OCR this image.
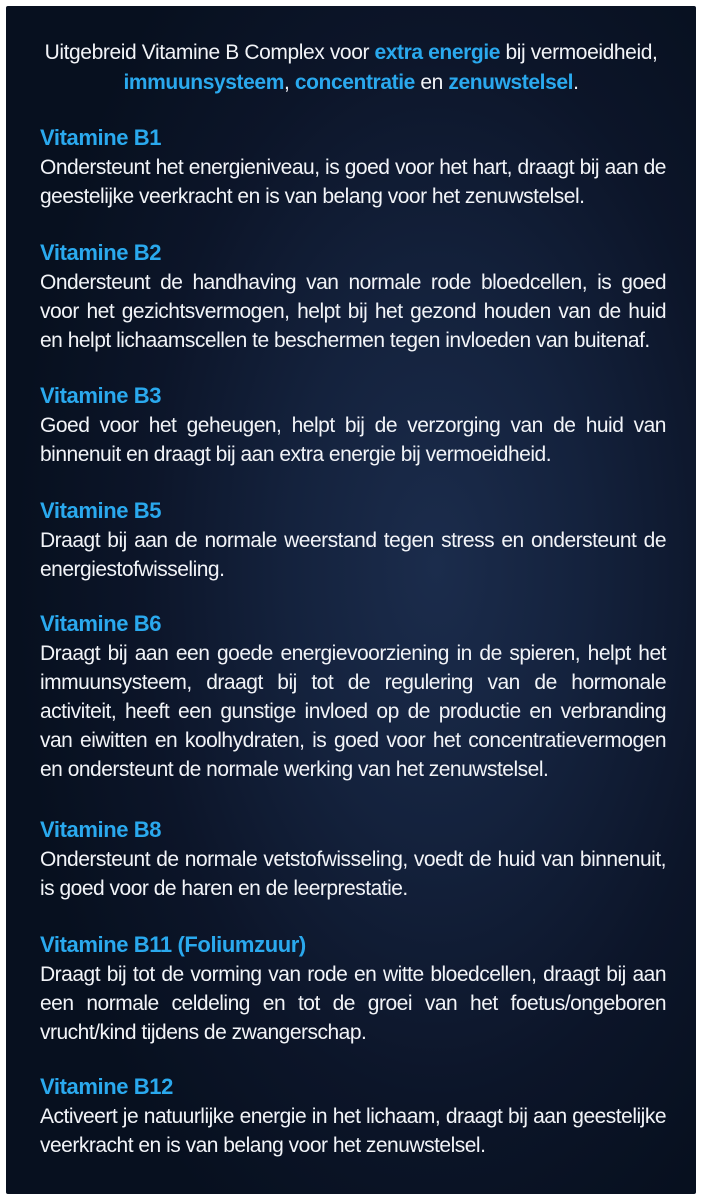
Uitgebreid Vitamine B Complex voor extra energie bij vermoeidheid,
immuunsysteem, concentratie en zenuwstelsel.
Vitamine B1
Ondersteunt het energieniveau, is goed voor het hart, draagt bij aan de geestelijke veerkracht en is van belang voor het zenuwstelsel.
Vitamine B2
Ondersteunt de handhaving van normale rode bloedcellen, is goed voor het gezichtsvermogen, helpt bij het gezond houden van de huid en helpt lichaamscellen te beschermen tegen invloeden van buitenaf.
Vitamine B3
Goed voor het geheugen, helpt bij de verzorging van de huid van binnenuit en draagt bij aan extra energie bij vermoeidheid.
Vitamine B5
Draagt bij aan de normale weerstand tegen stress en ondersteunt de energiestofwisseling.
Vitamine B6
Draagt bij aan een goede energievoorziening in de spieren, helpt het immuunsysteem, draagt bij tot de regulering van de hormonale activiteit, heeft een gunstige invloed op de productie en verbranding van eiwitten en koolhydraten, is goed voor het concentratievermogen en ondersteunt de normale werking van het zenuwstelsel.
Vitamine B8
Ondersteunt de normale vetstofwisseling, voedt de huid van binnenuit, is goed voor de haren en de leerprestatie.
Vitamine B11 (Foliumzuur)
Draagt bij tot de vorming van rode en witte bloedcellen, draagt bij aan een normale celdeling en tot de groei van het foetus/ongeboren vrucht/kind tijdens de zwangerschap.
Vitamine B12
Activeert je natuurlijke energie in het lichaam, draagt bij aan geestelijke veerkracht en is van belang voor het zenuwstelsel.
